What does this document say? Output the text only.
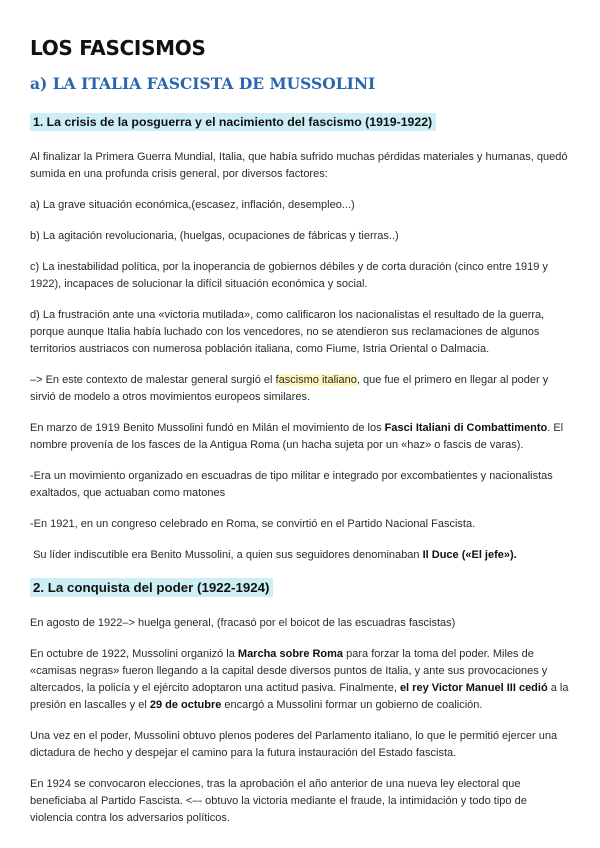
LOS FASCISMOS
a) LA ITALIA FASCISTA DE MUSSOLINI
1. La crisis de la posguerra y el nacimiento del fascismo (1919-1922)

Al finalizar la Primera Guerra Mundial, Italia, que había sufrido muchas pérdidas materiales y humanas, quedó sumida en una profunda crisis general, por diversos factores:

a) La grave situación económica,(escasez, inflación, desempleo...)

b) La agitación revolucionaria, (huelgas, ocupaciones de fábricas y tierras..)

c) La inestabilidad política, por la inoperancia de gobiernos débiles y de corta duración (cinco entre 1919 y 1922), incapaces de solucionar la difícil situación económica y social.

d) La frustración ante una «victoria mutilada», como calificaron los nacionalistas el resultado de la guerra, porque aunque Italia había luchado con los vencedores, no se atendieron sus reclamaciones de algunos territorios austriacos con numerosa población italiana, como Fiume, Istria Oriental o Dalmacia.

–> En este contexto de malestar general surgió el fascismo italiano, que fue el primero en llegar al poder y sirvió de modelo a otros movimientos europeos similares.

En marzo de 1919 Benito Mussolini fundó en Milán el movimiento de los Fasci Italiani di Combattimento. El nombre provenía de los fasces de la Antigua Roma (un hacha sujeta por un «haz» o fascis de varas).

-Era un movimiento organizado en escuadras de tipo militar e integrado por excombatientes y nacionalistas exaltados, que actuaban como matones

-En 1921, en un congreso celebrado en Roma, se convirtió en el Partido Nacional Fascista.

Su líder indiscutible era Benito Mussolini, a quien sus seguidores denominaban Il Duce («El jefe»).

2. La conquista del poder (1922-1924)

En agosto de 1922–> huelga general, (fracasó por el boicot de las escuadras fascistas)

En octubre de 1922, Mussolini organizó la Marcha sobre Roma para forzar la toma del poder. Miles de «camisas negras» fueron llegando a la capital desde diversos puntos de Italia, y ante sus provocaciones y altercados, la policía y el ejército adoptaron una actitud pasiva. Finalmente, el rey Victor Manuel III cedió a la presión en lascalles y el 29 de octubre encargó a Mussolini formar un gobierno de coalición.

Una vez en el poder, Mussolini obtuvo plenos poderes del Parlamento italiano, lo que le permitió ejercer una dictadura de hecho y despejar el camino para la futura instauración del Estado fascista.

En 1924 se convocaron elecciones, tras la aprobación el año anterior de una nueva ley electoral que beneficiaba al Partido Fascista. <–- obtuvo la victoria mediante el fraude, la intimidación y todo tipo de violencia contra los adversarios políticos.
